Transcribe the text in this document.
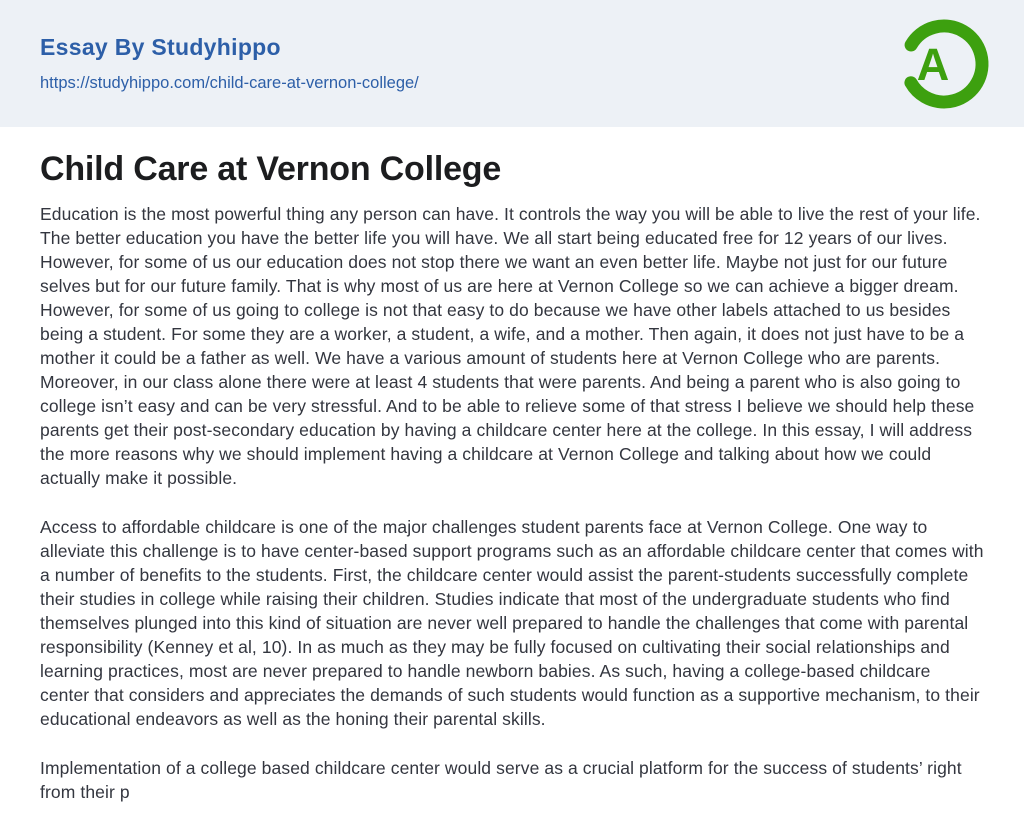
Essay By Studyhippo
https://studyhippo.com/child-care-at-vernon-college/	A
Child Care at Vernon College

Education is the most powerful thing any person can have. It controls the way you will be able to live the rest of your life. The better education you have the better life you will have. We all start being educated free for 12 years of our lives. However, for some of us our education does not stop there we want an even better life. Maybe not just for our future selves but for our future family. That is why most of us are here at Vernon College so we can achieve a bigger dream. However, for some of us going to college is not that easy to do because we have other labels attached to us besides being a student. For some they are a worker, a student, a wife, and a mother. Then again, it does not just have to be a mother it could be a father as well. We have a various amount of students here at Vernon College who are parents. Moreover, in our class alone there were at least 4 students that were parents. And being a parent who is also going to college isn’t easy and can be very stressful. And to be able to relieve some of that stress I believe we should help these parents get their post-secondary education by having a childcare center here at the college. In this essay, I will address the more reasons why we should implement having a childcare at Vernon College and talking about how we could actually make it possible.

Access to affordable childcare is one of the major challenges student parents face at Vernon College. One way to alleviate this challenge is to have center-based support programs such as an affordable childcare center that comes with a number of benefits to the students. First, the childcare center would assist the parent-students successfully complete their studies in college while raising their children. Studies indicate that most of the undergraduate students who find themselves plunged into this kind of situation are never well prepared to handle the challenges that come with parental responsibility (Kenney et al, 10). In as much as they may be fully focused on cultivating their social relationships and learning practices, most are never prepared to handle newborn babies. As such, having a college-based childcare center that considers and appreciates the demands of such students would function as a supportive mechanism, to their educational endeavors as well as the honing their parental skills.

Implementation of a college based childcare center would serve as a crucial platform for the success of students’ right from their p
